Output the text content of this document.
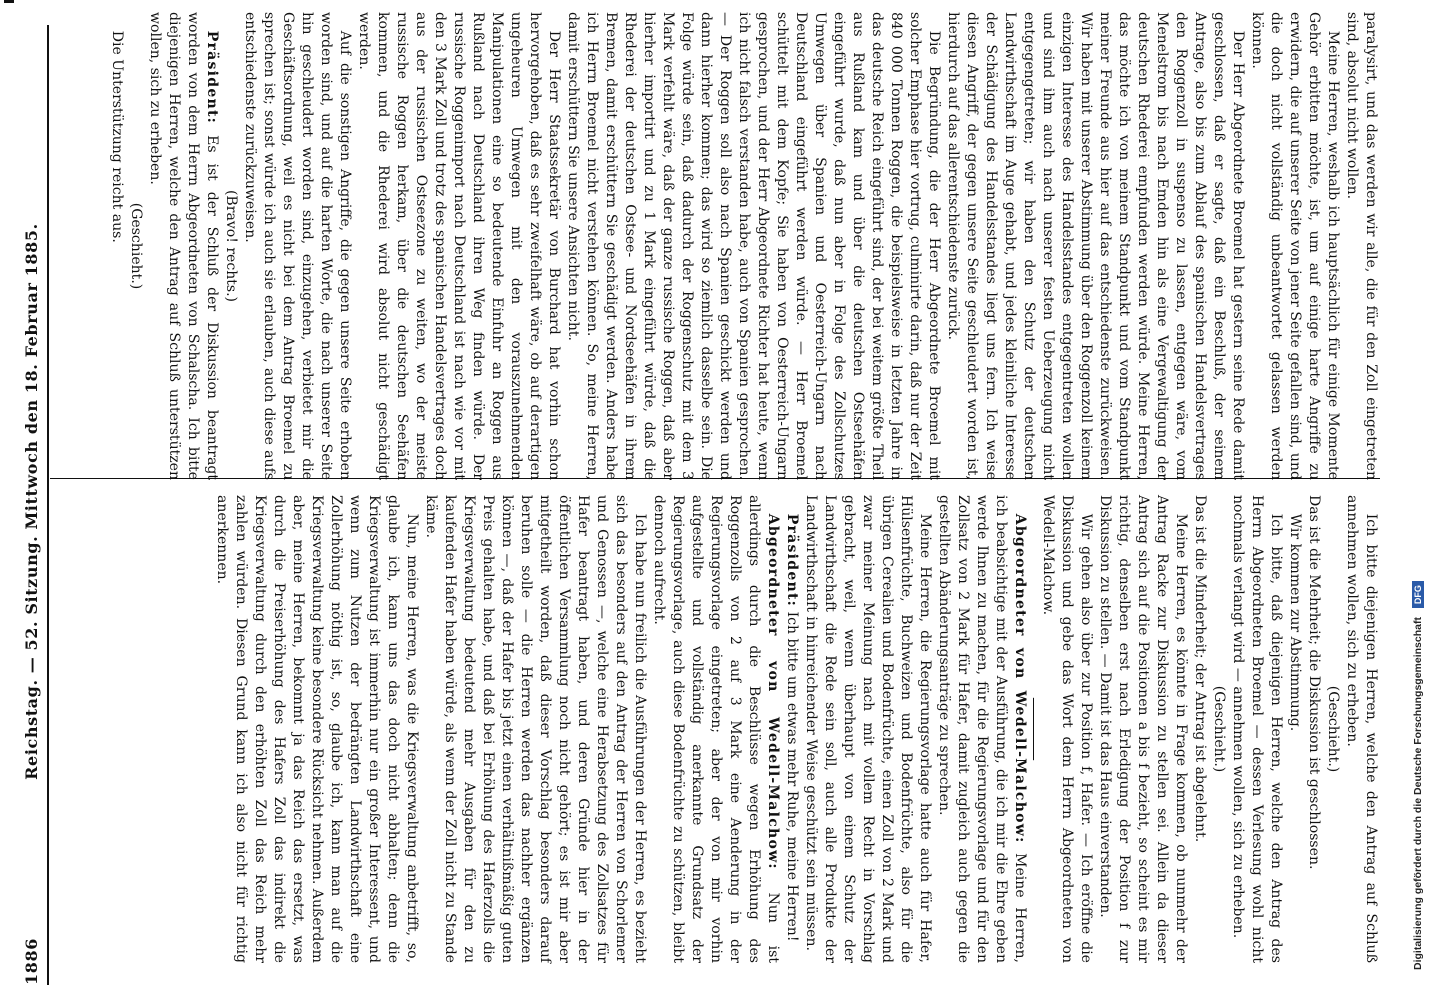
paralysirt, und das werden wir alle, die für den Zoll eingetreten sind, absolut nicht wollen.

Meine Herren, weshalb ich hauptsächlich für einige Momente Gehör erbitten möchte, ist, um auf einige harte Angriffe zu erwidern, die auf unserer Seite von jener Seite gefallen sind, und die doch nicht vollständig unbeantwortet gelassen werden können.

Der Herr Abgeordnete Broemel hat gestern seine Rede damit geschlossen, daß er sagte, daß ein Beschluß, der seinem Antrage, also bis zum Ablauf des spanischen Handelsvertrages den Roggenzoll in suspenso zu lassen, entgegen wäre, vom Menelstrom bis nach Emden hin als eine Vergewaltigung der deutschen Rhederei empfunden werden würde. Meine Herren, das möchte ich von meinem Standpunkt und vom Standpunkt meiner Freunde aus hier auf das entschiedenste zurückweisen. Wir haben mit unserer Abstimmung über den Roggenzoll keinem einzigen Interesse des Handelsstandes entgegentreten wollen und sind ihm auch nach unserer festen Ueberzeugung nicht entgegengetreten; wir haben den Schutz der deutschen Landwirthschaft im Auge gehabt, und jedes kleinliche Interesse der Schädigung des Handelsstandes liegt uns fern. Ich weise diesen Angriff, der gegen unsere Seite geschleudert worden ist, hierdurch auf das allerentschiedenste zurück.

Die Begründung, die der Herr Abgeordnete Broemel mit solcher Emphase hier vortrug, culminirte darin, daß nur der Zeit 840 000 Tonnen Roggen, die beispielsweise in letzten Jahre in das deutsche Reich eingeführt sind, der bei weitem größte Theil aus Rußland kam und über die deutschen Ostseehäfen eingeführt wurde, daß nun aber in Folge des Zollschutzes Umwegen über Spanien und Oesterreich-Ungarn nach Deutschland eingeführt werden würde. — Herr Broemel schüttelt mit dem Kopfe; Sie haben von Oesterreich-Ungarn gesprochen, und der Herr Abgeordnete Richter hat heute, wenn ich nicht falsch verstanden habe, auch von Spanien gesprochen. — Der Roggen soll also nach Spanien geschickt werden und dann hierher kommen; das wird so ziemlich dasselbe sein. Die Folge würde sein, daß dadurch der Roggenschutz mit dem 3 Mark verfehlt wäre, daß der ganze russische Roggen, daß aber hierher importirt und zu 1 Mark eingeführt würde, daß die Rhederei der deutschen Ostsee- und Nordseehäfen in ihrem Bremen, damit erschüttern Sie geschädigt werden. Anders habe ich Herrn Broemel nicht verstehen können. So, meine Herren, damit erschüttern Sie unsere Ansichten nicht.

Der Herr Staatssekretär von Burchard hat vorhin schon hervorgehoben, daß es sehr zweifelhaft wäre, ob auf derartigen ungeheuren Umwegen mit den vorauszunehmenden Manipulationen eine so bedeutende Einfuhr an Roggen aus Rußland nach Deutschland ihren Weg finden würde. Der russische Roggenimport nach Deutschland ist nach wie vor mit den 3 Mark Zoll und trotz des spanischen Handelsvertrages doch aus der russischen Ostseezone zu weiten, wo der meiste russische Roggen herkam, über die deutschen Seehäfen kommen, und die Rhederei wird absolut nicht geschädigt werden.

Auf die sonstigen Angriffe, die gegen unsere Seite erhoben worden sind, und auf die harten Worte, die nach unserer Seite hin geschleudert worden sind, einzugehen, verbietet mir die Geschäftsordnung, weil es nicht bei dem Antrag Broemel zu sprechen ist; sonst würde ich auch sie erlauben, auch diese aufs entschiedenste zurückzuweisen.

(Bravo! rechts.)

Präsident: Es ist der Schluß der Diskussion beantragt worden von dem Herrn Abgeordneten von Schalscha. Ich bitte diejenigen Herren, welche den Antrag auf Schluß unterstützen wollen, sich zu erheben.

(Geschieht.)

Die Unterstützung reicht aus.

Ich bitte diejenigen Herren, welche den Antrag auf Schluß annehmen wollen, sich zu erheben.

(Geschieht.)

Das ist die Mehrheit; die Diskussion ist geschlossen.

Wir kommen zur Abstimmung.

Ich bitte, daß diejenigen Herren, welche den Antrag des Herrn Abgeordneten Broemel — dessen Verlesung wohl nicht nochmals verlangt wird — annehmen wollen, sich zu erheben.

(Geschieht.)

Das ist die Minderheit; der Antrag ist abgelehnt.

Meine Herren, es könnte in Frage kommen, ob nunmehr der Antrag Racke zur Diskussion zu stellen sei. Allein da dieser Antrag sich auf die Positionen a bis f bezieht, so scheint es mir richtig, denselben erst nach Erledigung der Position f zur Diskussion zu stellen. — Damit ist das Haus einverstanden.

Wir gehen also über zur Position f, Hafer. — Ich eröffne die Diskussion und gebe das Wort dem Herrn Abgeordneten von Wedell-Malchow.

Abgeordneter von Wedell-Malchow: Meine Herren, ich beabsichtige mit der Ausführung, die ich mir die Ehre geben werde Ihnen zu machen, für die Regierungsvorlage und für den Zollsatz von 2 Mark für Hafer, damit zugleich auch gegen die gestellten Abänderungsanträge zu sprechen.

Meine Herren, die Regierungsvorlage hatte auch für Hafer, Hülsenfrüchte, Buchweizen und Bodenfrüchte, also für die übrigen Cerealien und Bodenfrüchte, einen Zoll von 2 Mark und zwar meiner Meinung nach mit vollem Recht in Vorschlag gebracht, weil, wenn überhaupt von einem Schutz der Landwirthschaft die Rede sein soll, auch alle Produkte der Landwirthschaft in hinreichender Weise geschützt sein müssen.

Präsident: Ich bitte um etwas mehr Ruhe, meine Herren!

Abgeordneter von Wedell-Malchow: Nun ist allerdings durch die Beschlüsse wegen Erhöhung des Roggenzolls von 2 auf 3 Mark eine Aenderung in der Regierungsvorlage eingetreten; aber der von mir vorhin aufgestellte und vollständig anerkannte Grundsatz der Regierungsvorlage, auch diese Bodenfrüchte zu schützen, bleibt dennoch aufrecht.

Ich habe nun freilich die Ausführungen der Herren, es bezieht sich das besonders auf den Antrag der Herren von Schorlemer und Genossen —, welche eine Herabsetzung des Zollsatzes für Hafer beantragt haben, und deren Gründe hier in der öffentlichen Versammlung noch nicht gehört; es ist mir aber mitgetheilt worden, daß dieser Vorschlag besonders darauf beruhen solle — die Herren werden das nachher ergänzen können —, daß der Hafer bis jetzt einen verhältnißmäßig guten Preis gehalten habe, und daß bei Erhöhung des Haferzolls die Kriegsverwaltung bedeutend mehr Ausgaben für den zu kaufenden Hafer haben würde, als wenn der Zoll nicht zu Stande käme.

Nun, meine Herren, was die Kriegsverwaltung anbetrifft, so, glaube ich, kann uns das doch nicht abhalten; denn die Kriegsverwaltung ist immerhin nur ein großer Interessent, und wenn zum Nutzen der bedrängten Landwirthschaft eine Zollerhöhung nöthig ist, so, glaube ich, kann man auf die Kriegsverwaltung keine besondere Rücksicht nehmen. Außerdem aber, meine Herren, bekommt ja das Reich das ersetzt, was durch die Preiserhöhung des Hafers Zoll das indirekt die Kriegsverwaltung durch den erhöhten Zoll das Reich mehr zahlen würden. Diesen Grund kann ich also nicht für richtig anerkennen.

1886
Reichstag. — 52. Sitzung. Mittwoch den 18. Februar 1885.
Digitalisierung gefördert durch die Deutsche Forschungsgemeinschaft DFG
